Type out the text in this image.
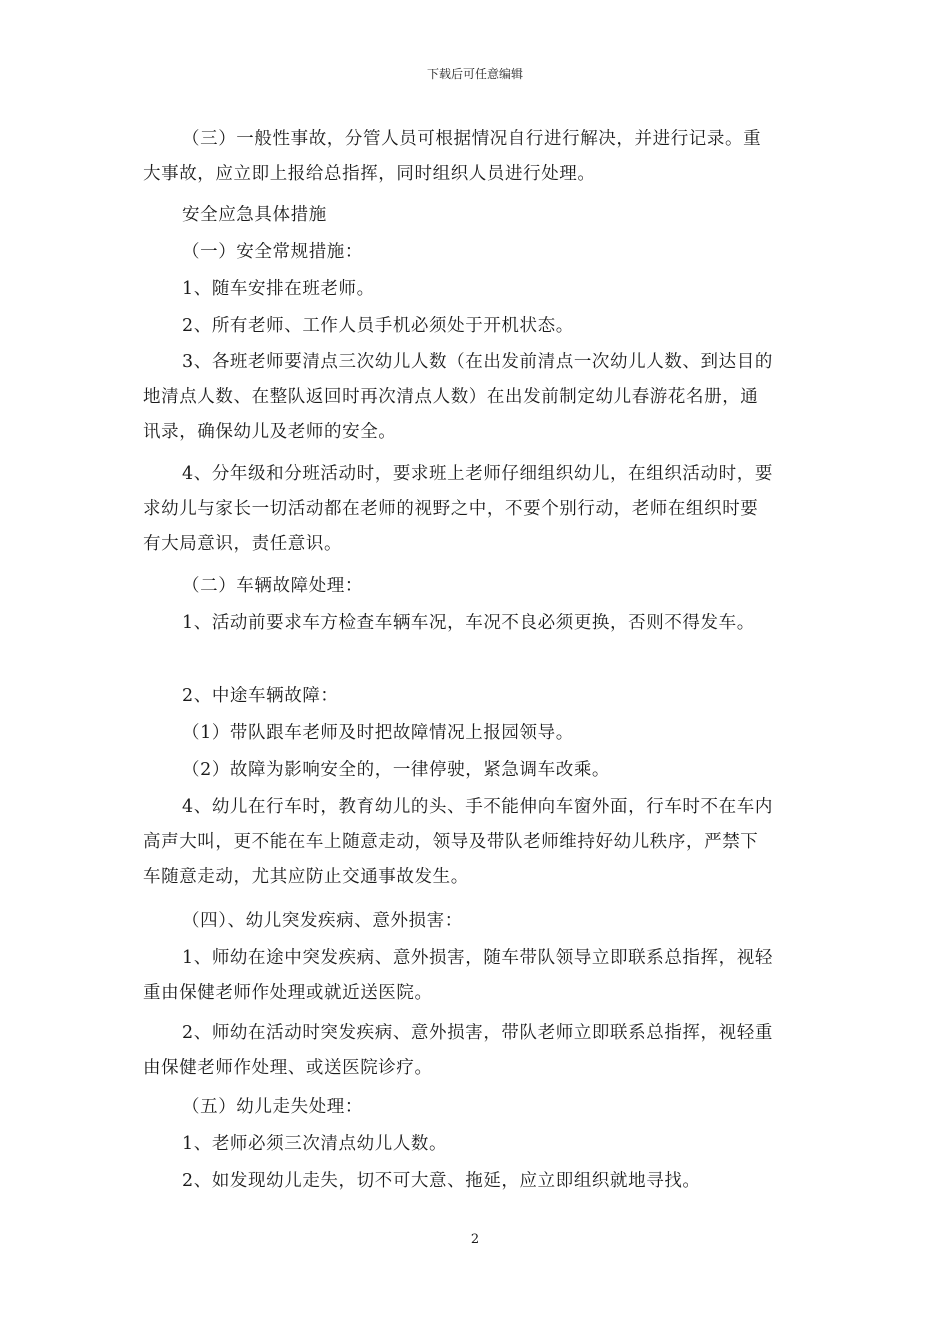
下载后可任意编辑
（三）一般性事故，分管人员可根据情况自行进行解决，并进行记录。重
大事故，应立即上报给总指挥，同时组织人员进行处理。
安全应急具体措施
（一）安全常规措施：
1、随车安排在班老师。
2、所有老师、工作人员手机必须处于开机状态。
3、各班老师要清点三次幼儿人数（在出发前清点一次幼儿人数、到达目的
地清点人数、在整队返回时再次清点人数）在出发前制定幼儿春游花名册，通
讯录，确保幼儿及老师的安全。
4、分年级和分班活动时，要求班上老师仔细组织幼儿，在组织活动时，要
求幼儿与家长一切活动都在老师的视野之中，不要个别行动，老师在组织时要
有大局意识，责任意识。
（二）车辆故障处理：
1、活动前要求车方检查车辆车况，车况不良必须更换，否则不得发车。
2、中途车辆故障：
（1）带队跟车老师及时把故障情况上报园领导。
（2）故障为影响安全的，一律停驶，紧急调车改乘。
4、幼儿在行车时，教育幼儿的头、手不能伸向车窗外面，行车时不在车内
高声大叫，更不能在车上随意走动，领导及带队老师维持好幼儿秩序，严禁下
车随意走动，尤其应防止交通事故发生。
（四）、幼儿突发疾病、意外损害：
1、师幼在途中突发疾病、意外损害，随车带队领导立即联系总指挥，视轻
重由保健老师作处理或就近送医院。
2、师幼在活动时突发疾病、意外损害，带队老师立即联系总指挥，视轻重
由保健老师作处理、或送医院诊疗。
（五）幼儿走失处理：
1、老师必须三次清点幼儿人数。
2、如发现幼儿走失，切不可大意、拖延，应立即组织就地寻找。
2
